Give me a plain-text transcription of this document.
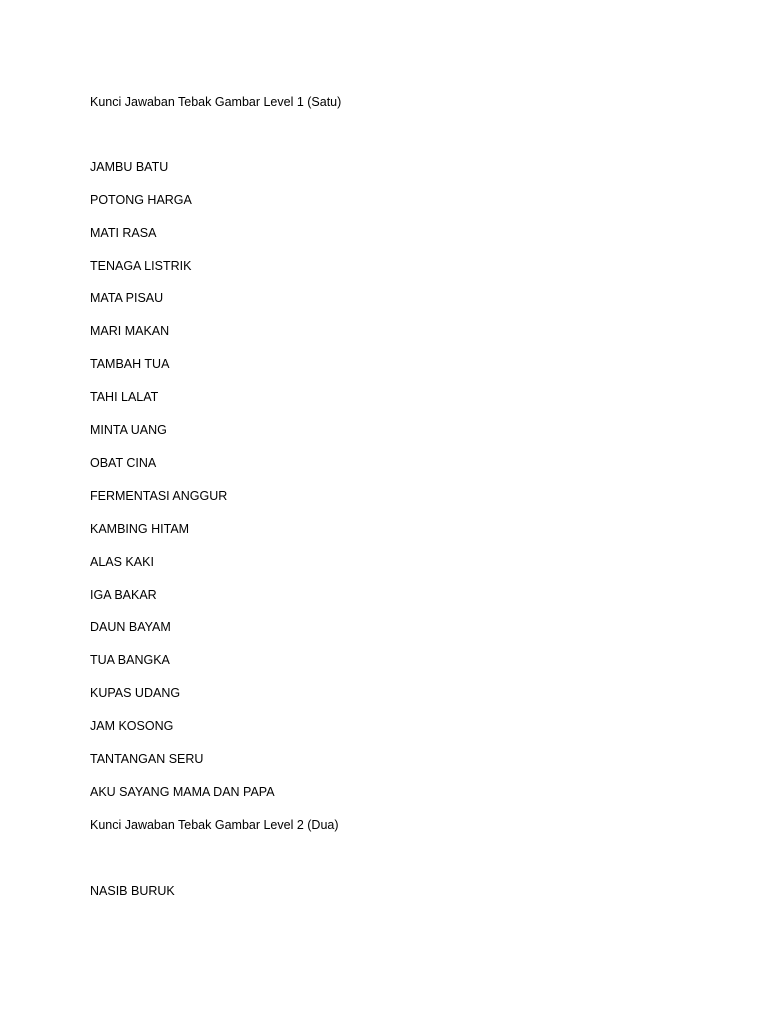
Kunci Jawaban Tebak Gambar Level 1 (Satu)
JAMBU BATU
POTONG HARGA
MATI RASA
TENAGA LISTRIK
MATA PISAU
MARI MAKAN
TAMBAH TUA
TAHI LALAT
MINTA UANG
OBAT CINA
FERMENTASI ANGGUR
KAMBING HITAM
ALAS KAKI
IGA BAKAR
DAUN BAYAM
TUA BANGKA
KUPAS UDANG
JAM KOSONG
TANTANGAN SERU
AKU SAYANG MAMA DAN PAPA
Kunci Jawaban Tebak Gambar Level 2 (Dua)
NASIB BURUK
